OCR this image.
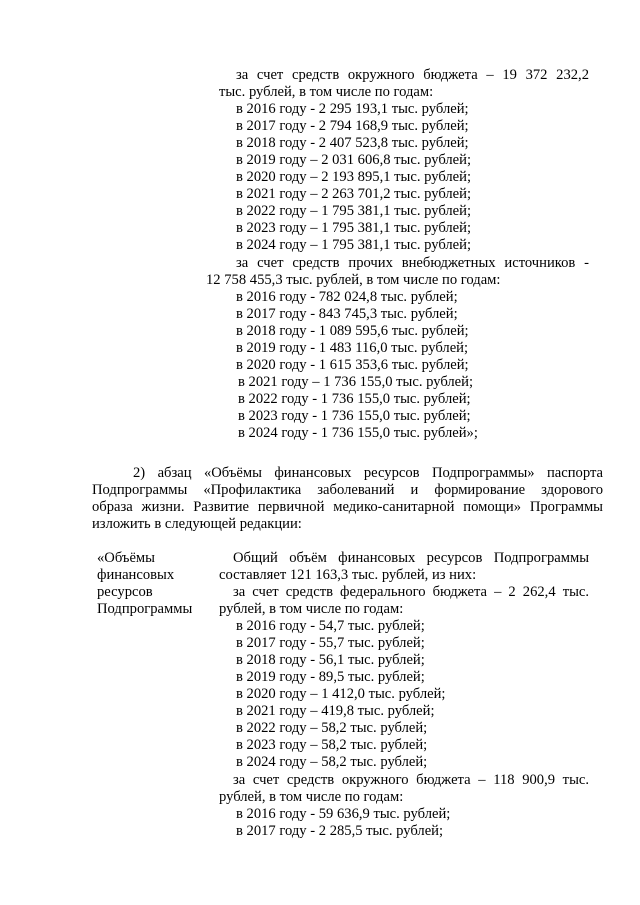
за счет средств окружного бюджета – 19 372 232,2

тыс. рублей, в том числе по годам:

в 2016 году - 2 295 193,1 тыс. рублей;

в 2017 году - 2 794 168,9 тыс. рублей;

в 2018 году - 2 407 523,8 тыс. рублей;

в 2019 году – 2 031 606,8 тыс. рублей;

в 2020 году – 2 193 895,1 тыс. рублей;

в 2021 году – 2 263 701,2 тыс. рублей;

в 2022 году – 1 795 381,1 тыс. рублей;

в 2023 году – 1 795 381,1 тыс. рублей;

в 2024 году – 1 795 381,1 тыс. рублей;

за счет средств прочих внебюджетных источников -

12 758 455,3 тыс. рублей, в том числе по годам:

в 2016 году - 782 024,8 тыс. рублей;

в 2017 году - 843 745,3 тыс. рублей;

в 2018 году - 1 089 595,6 тыс. рублей;

в 2019 году - 1 483 116,0 тыс. рублей;

в 2020 году - 1 615 353,6 тыс. рублей;

в 2021 году – 1 736 155,0 тыс. рублей;

в 2022 году - 1 736 155,0 тыс. рублей;

в 2023 году - 1 736 155,0 тыс. рублей;

в 2024 году - 1 736 155,0 тыс. рублей»;

2) абзац «Объёмы финансовых ресурсов Подпрограммы» паспорта

Подпрограммы «Профилактика заболеваний и формирование здорового

образа жизни. Развитие первичной медико-санитарной помощи» Программы

изложить в следующей редакции:

«Объёмы

финансовых

ресурсов

Подпрограммы

Общий объём финансовых ресурсов Подпрограммы

составляет 121 163,3 тыс. рублей, из них:

за счет средств федерального бюджета – 2 262,4 тыс.

рублей, в том числе по годам:

в 2016 году - 54,7 тыс. рублей;

в 2017 году - 55,7 тыс. рублей;

в 2018 году - 56,1 тыс. рублей;

в 2019 году - 89,5 тыс. рублей;

в 2020 году – 1 412,0 тыс. рублей;

в 2021 году – 419,8 тыс. рублей;

в 2022 году – 58,2 тыс. рублей;

в 2023 году – 58,2 тыс. рублей;

в 2024 году – 58,2 тыс. рублей;

за счет средств окружного бюджета – 118 900,9 тыс.

рублей, в том числе по годам:

в 2016 году - 59 636,9 тыс. рублей;

в 2017 году - 2 285,5 тыс. рублей;
